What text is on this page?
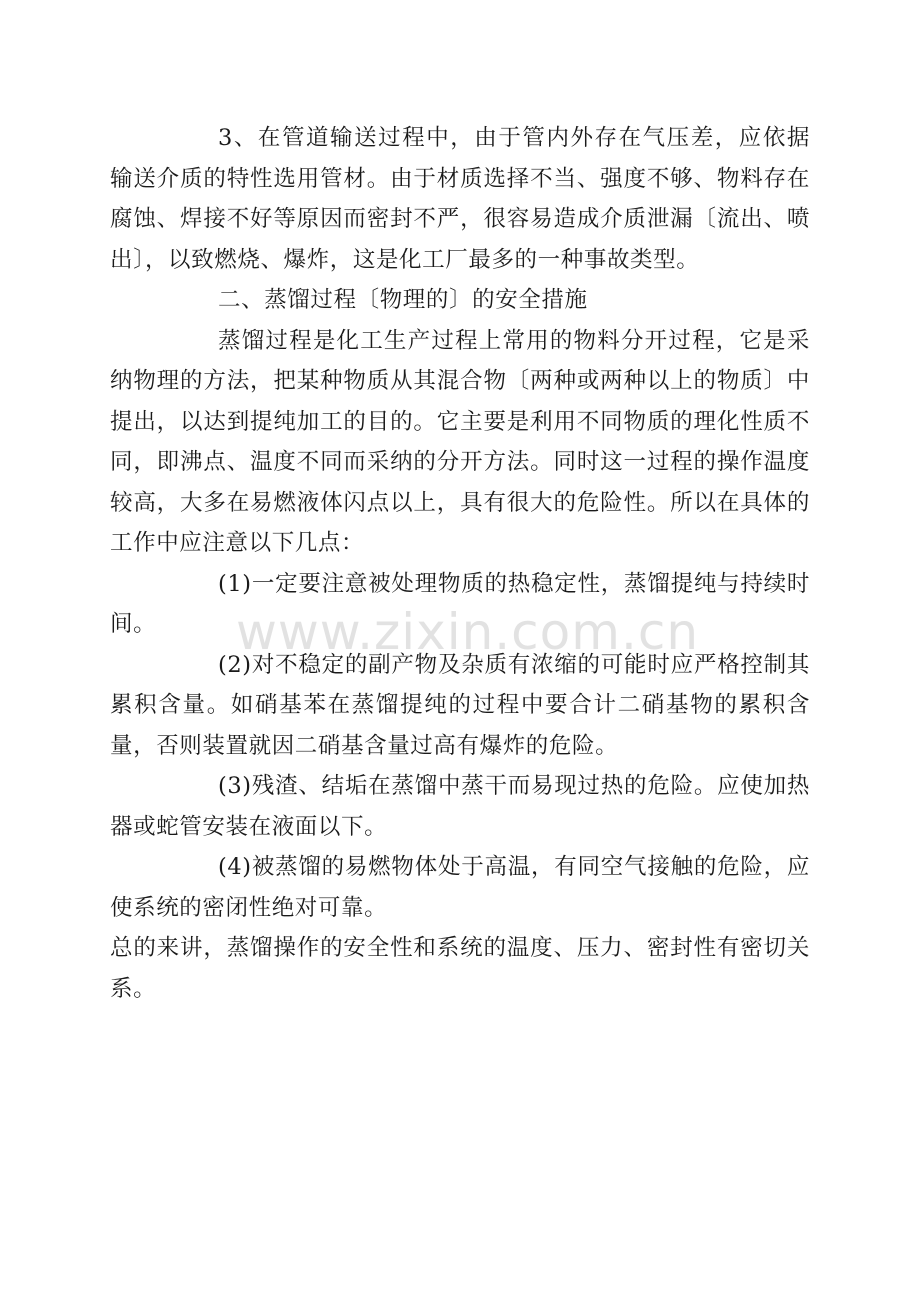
3、在管道输送过程中，由于管内外存在气压差，应依据输送介质的特性选用管材。由于材质选择不当、强度不够、物料存在腐蚀、焊接不好等原因而密封不严，很容易造成介质泄漏〔流出、喷出〕，以致燃烧、爆炸，这是化工厂最多的一种事故类型。

二、蒸馏过程〔物理的〕的安全措施

蒸馏过程是化工生产过程上常用的物料分开过程，它是采纳物理的方法，把某种物质从其混合物〔两种或两种以上的物质〕中提出，以达到提纯加工的目的。它主要是利用不同物质的理化性质不同，即沸点、温度不同而采纳的分开方法。同时这一过程的操作温度较高，大多在易燃液体闪点以上，具有很大的危险性。所以在具体的工作中应注意以下几点：

(1)一定要注意被处理物质的热稳定性，蒸馏提纯与持续时间。

(2)对不稳定的副产物及杂质有浓缩的可能时应严格控制其累积含量。如硝基苯在蒸馏提纯的过程中要合计二硝基物的累积含量，否则装置就因二硝基含量过高有爆炸的危险。

(3)残渣、结垢在蒸馏中蒸干而易现过热的危险。应使加热器或蛇管安装在液面以下。

(4)被蒸馏的易燃物体处于高温，有同空气接触的危险，应使系统的密闭性绝对可靠。

总的来讲，蒸馏操作的安全性和系统的温度、压力、密封性有密切关系。

www.zixin.com.cn
